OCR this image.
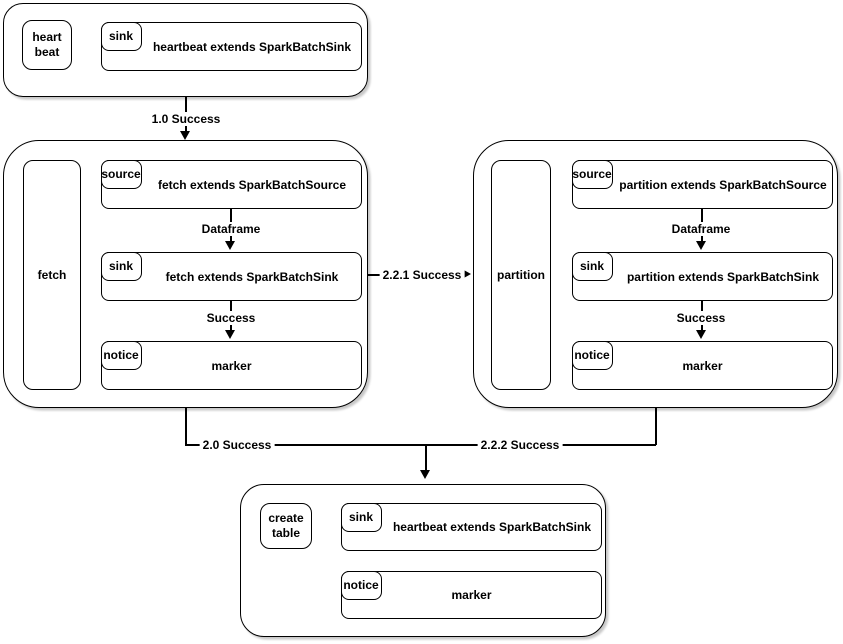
heart
beat
sink
heartbeat extends SparkBatchSink
1.0 Success
fetch
source
fetch extends SparkBatchSource
sink
fetch extends SparkBatchSink
notice
marker
Dataframe
Success
2.2.1 Success	partition
source
partition extends SparkBatchSource
sink
partition extends SparkBatchSink
notice
marker
Dataframe
Success
2.0 Success	2.2.2 Success
create
table
sink
heartbeat extends SparkBatchSink
notice
marker
